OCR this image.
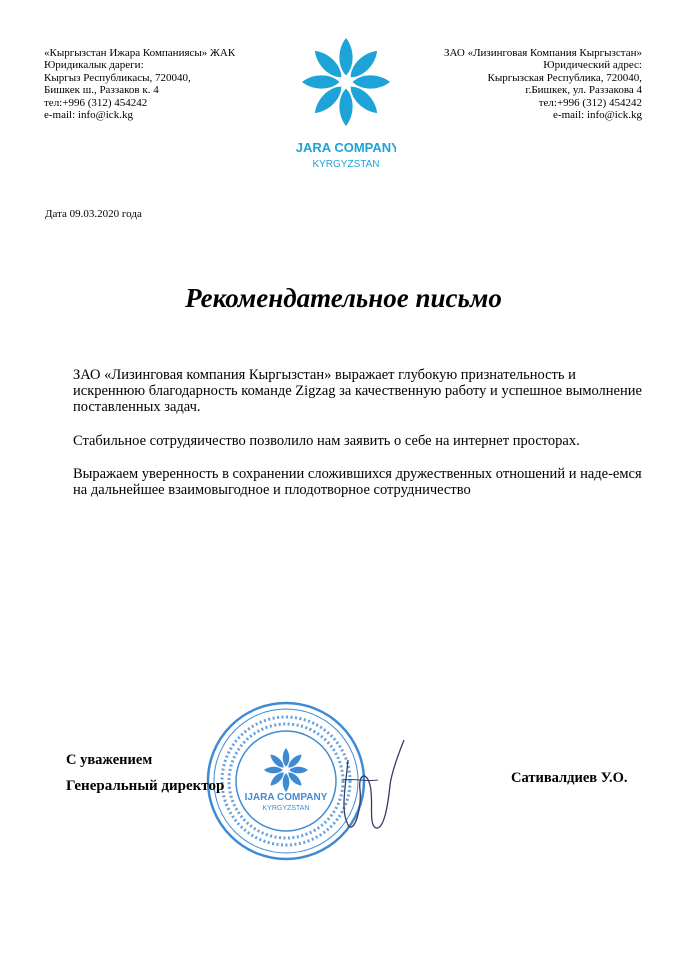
«Кыргызстан Ижара Компаниясы» ЖАК
Юридикалык дареги:
Кыргыз Республикасы, 720040,
Бишкек ш., Раззаков к. 4
тел:+996 (312) 454242
e-mail: info@ick.kg
IJARA COMPANY
KYRGYZSTAN
ЗАО «Лизинговая Компания Кыргызстан»
Юридический адрес:
Кыргызская Республика, 720040,
г.Бишкек, ул. Раззакова 4
тел:+996 (312) 454242
e-mail: info@ick.kg
Дата 09.03.2020 года
Рекомендательное письмо

ЗАО «Лизинговая компания Кыргызстан» выражает глубокую признательность и искреннюю благодарность команде Zigzag за качественную работу и успешное вымолнение поставленных задач.

Стабильное сотрудяичество позволило нам заявить о себе на интернет просторах.

Выражаем уверенность в сохранении сложившихся дружественных отношений и наде-емся на дальнейшее взаимовыгодное и плодотворное сотрудничество

IJARA COMPANY
KYRGYZSTAN
С уважением
Генеральный директор	Сативалдиев У.О.
